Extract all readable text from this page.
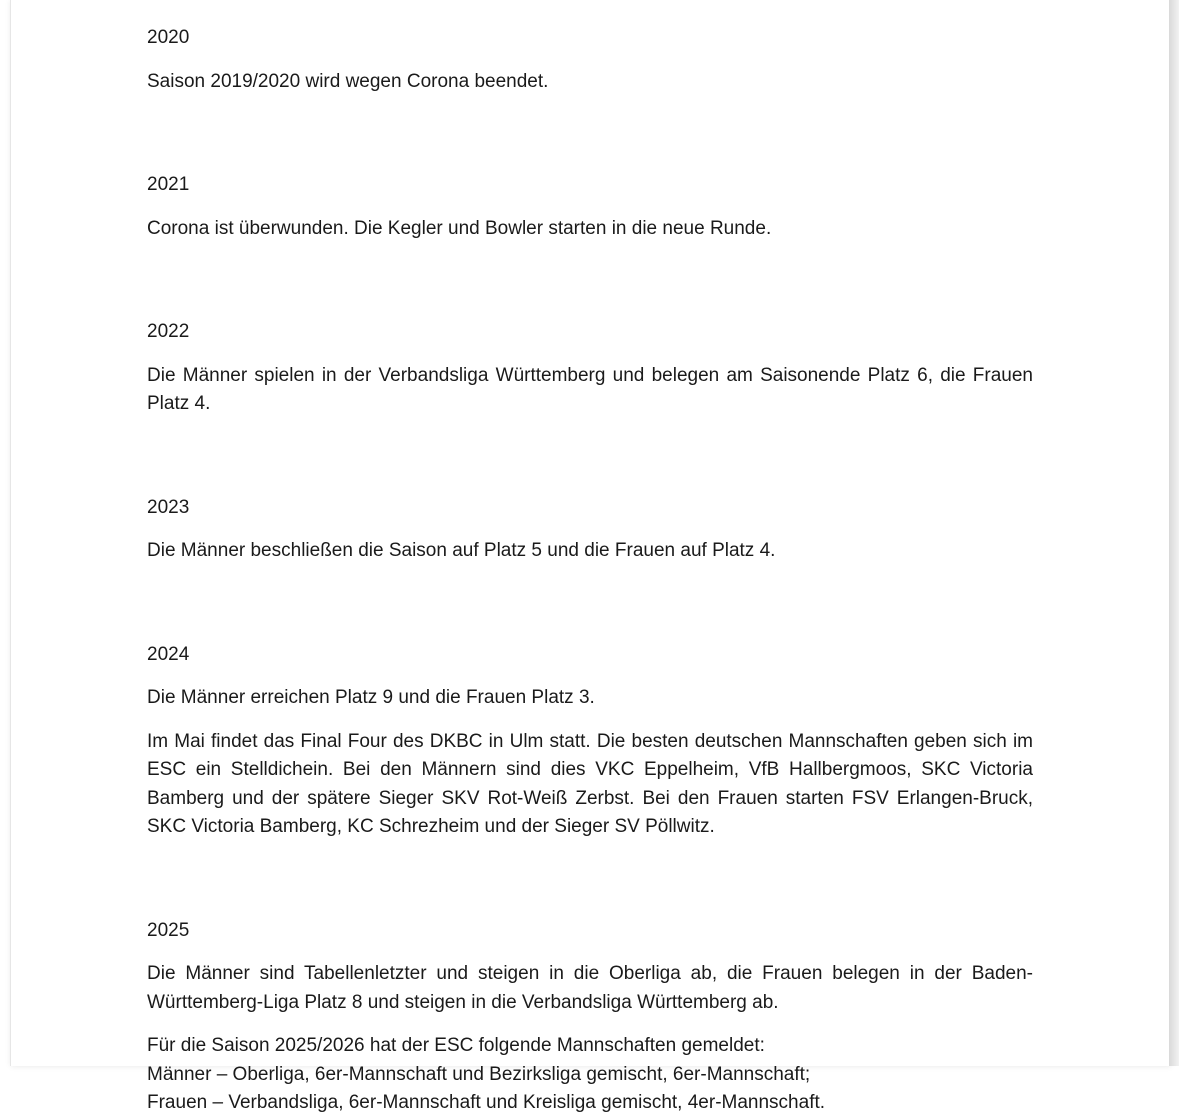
2020

Saison 2019/2020 wird wegen Corona beendet.

2021

Corona ist überwunden. Die Kegler und Bowler starten in die neue Runde.

2022

Die Männer spielen in der Verbandsliga Württemberg und belegen am Saisonende Platz 6, die Frauen Platz 4.

2023

Die Männer beschließen die Saison auf Platz 5 und die Frauen auf Platz 4.

2024

Die Männer erreichen Platz 9 und die Frauen Platz 3.

Im Mai findet das Final Four des DKBC in Ulm statt. Die besten deutschen Mannschaften geben sich im ESC ein Stelldichein. Bei den Männern sind dies VKC Eppelheim, VfB Hallbergmoos, SKC Victoria Bamberg und der spätere Sieger SKV Rot-Weiß Zerbst. Bei den Frauen starten FSV Erlangen-Bruck, SKC Victoria Bamberg, KC Schrezheim und der Sieger SV Pöllwitz.

2025

Die Männer sind Tabellenletzter und steigen in die Oberliga ab, die Frauen belegen in der Baden-Württemberg-Liga Platz 8 und steigen in die Verbandsliga Württemberg ab.

Für die Saison 2025/2026 hat der ESC folgende Mannschaften gemeldet:
Männer – Oberliga, 6er-Mannschaft und Bezirksliga gemischt, 6er-Mannschaft;
Frauen – Verbandsliga, 6er-Mannschaft und Kreisliga gemischt, 4er-Mannschaft.
